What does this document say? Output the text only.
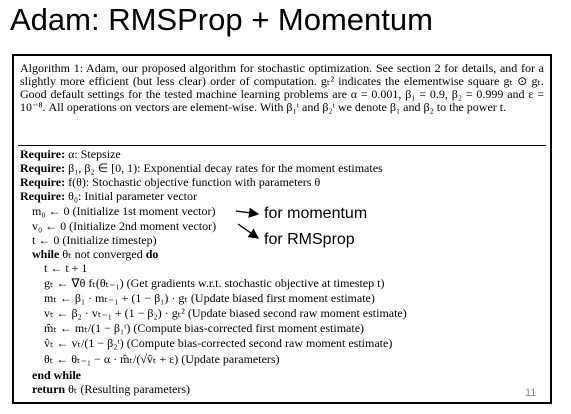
Adam: RMSProp + Momentum
Algorithm 1: Adam, our proposed algorithm for stochastic optimization. See section 2 for details, and for a slightly more efficient (but less clear) order of computation. gₜ² indicates the elementwise square gₜ ⊙ gₜ. Good default settings for the tested machine learning problems are α = 0.001, β₁ = 0.9, β₂ = 0.999 and ε = 10⁻⁸. All operations on vectors are element-wise. With β₁ᵗ and β₂ᵗ we denote β₁ and β₂ to the power t.
Require: α: Stepsize
Require: β₁, β₂ ∈ [0, 1): Exponential decay rates for the moment estimates
Require: f(θ): Stochastic objective function with parameters θ
Require: θ₀: Initial parameter vector
m₀ ← 0 (Initialize 1st moment vector)
v₀ ← 0 (Initialize 2nd moment vector)
t ← 0 (Initialize timestep)
while θₜ not converged do
t ← t + 1
gₜ ← ∇θ fₜ(θₜ₋₁) (Get gradients w.r.t. stochastic objective at timestep t)
mₜ ← β₁ · mₜ₋₁ + (1 − β₁) · gₜ (Update biased first moment estimate)
vₜ ← β₂ · vₜ₋₁ + (1 − β₂) · gₜ² (Update biased second raw moment estimate)
m̂ₜ ← mₜ/(1 − β₁ᵗ) (Compute bias-corrected first moment estimate)
v̂ₜ ← vₜ/(1 − β₂ᵗ) (Compute bias-corrected second raw moment estimate)
θₜ ← θₜ₋₁ − α · m̂ₜ/(√v̂ₜ + ε) (Update parameters)
end while
return θₜ (Resulting parameters)
for momentum
for RMSprop
11
